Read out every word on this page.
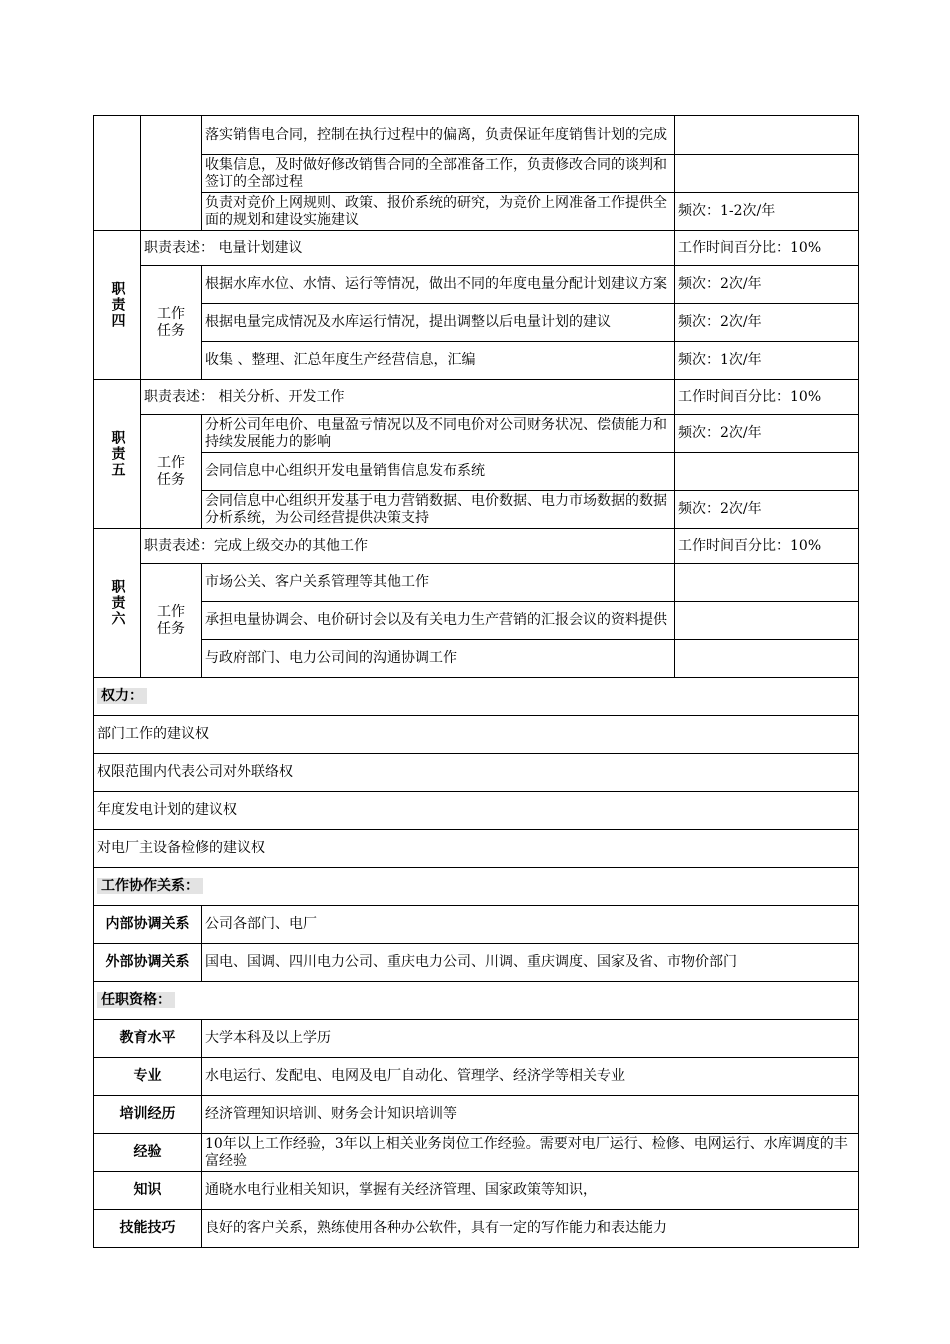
		落实销售电合同，控制在执行过程中的偏离，负责保证年度销售计划的完成	
		收集信息，及时做好修改销售合同的全部准备工作，负责修改合同的谈判和签订的全部过程	
		负责对竞价上网规则、政策、报价系统的研究，为竞价上网准备工作提供全面的规划和建设实施建议	频次：1-2次/年
职责四	职责表述： 电量计划建议		工作时间百分比：10%
	工作任务	根据水库水位、水情、运行等情况，做出不同的年度电量分配计划建议方案	频次：2次/年
		根据电量完成情况及水库运行情况，提出调整以后电量计划的建议	频次：2次/年
		收集 、整理、汇总年度生产经营信息，汇编	频次：1次/年
职责五	职责表述： 相关分析、开发工作		工作时间百分比：10%
	工作任务	分析公司年电价、电量盈亏情况以及不同电价对公司财务状况、偿债能力和持续发展能力的影响	频次：2次/年
		会同信息中心组织开发电量销售信息发布系统	
		会同信息中心组织开发基于电力营销数据、电价数据、电力市场数据的数据分析系统，为公司经营提供决策支持	频次：2次/年
职责六	职责表述：完成上级交办的其他工作		工作时间百分比：10%
	工作任务	市场公关、客户关系管理等其他工作	
		承担电量协调会、电价研讨会以及有关电力生产营销的汇报会议的资料提供	
		与政府部门、电力公司间的沟通协调工作	
权力：			
部门工作的建议权			
权限范围内代表公司对外联络权			
年度发电计划的建议权			
对电厂主设备检修的建议权			
工作协作关系：			
内部协调关系		公司各部门、电厂	
外部协调关系		国电、国调、四川电力公司、重庆电力公司、川调、重庆调度、国家及省、市物价部门	
任职资格：			
教育水平		大学本科及以上学历	
专业		水电运行、发配电、电网及电厂自动化、管理学、经济学等相关专业	
培训经历		经济管理知识培训、财务会计知识培训等	
经验		10年以上工作经验，3年以上相关业务岗位工作经验。需要对电厂运行、检修、电网运行、水库调度的丰富经验	
知识		通晓水电行业相关知识，掌握有关经济管理、国家政策等知识，	
技能技巧		良好的客户关系，熟练使用各种办公软件，具有一定的写作能力和表达能力	
